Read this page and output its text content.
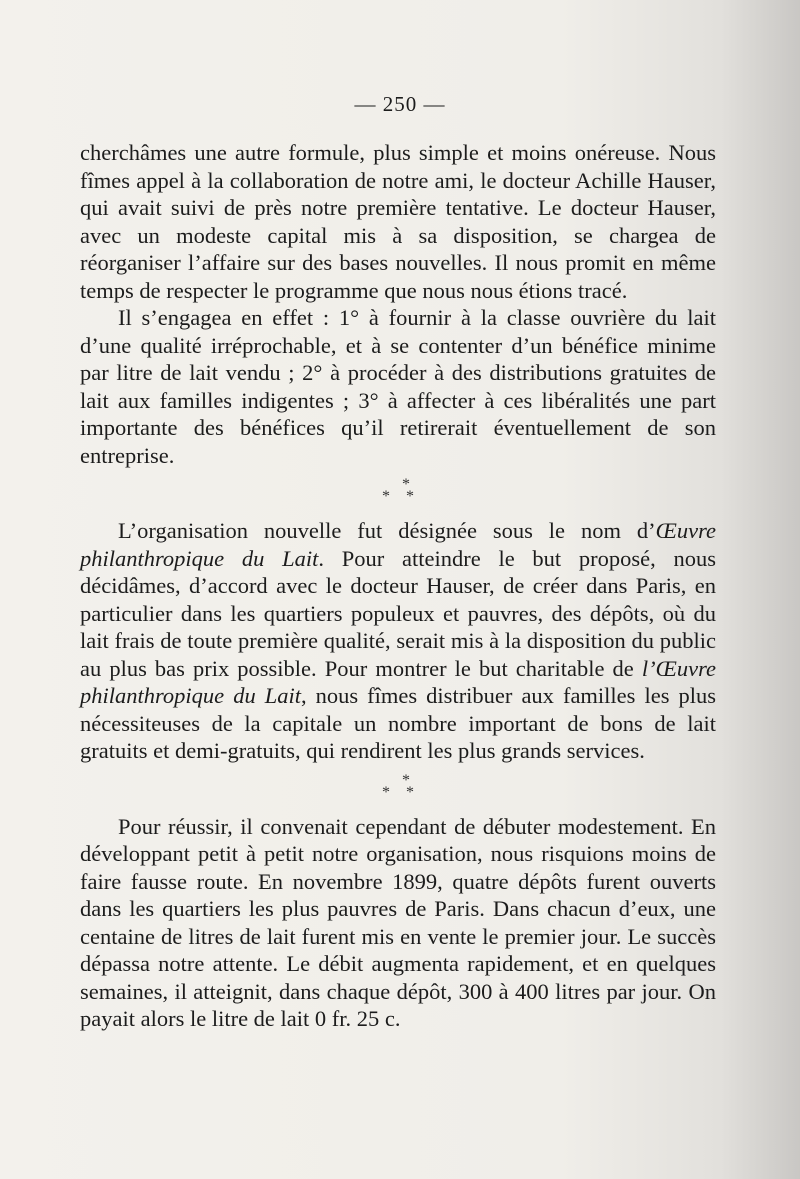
— 250 —

cherchâmes une autre formule, plus simple et moins onéreuse. Nous fîmes appel à la collaboration de notre ami, le docteur Achille Hauser, qui avait suivi de près notre première tentative. Le docteur Hauser, avec un modeste capital mis à sa disposition, se chargea de réorganiser l’affaire sur des bases nouvelles. Il nous promit en même temps de respecter le programme que nous nous étions tracé.

Il s’engagea en effet : 1° à fournir à la classe ouvrière du lait d’une qualité irréprochable, et à se contenter d’un bénéfice minime par litre de lait vendu ; 2° à procéder à des distributions gratuites de lait aux familles indigentes ; 3° à affecter à ces libéralités une part importante des bénéfices qu’il retirerait éventuellement de son entreprise.

*
* *

L’organisation nouvelle fut désignée sous le nom d’Œuvre philanthropique du Lait. Pour atteindre le but proposé, nous décidâmes, d’accord avec le docteur Hauser, de créer dans Paris, en particulier dans les quartiers populeux et pauvres, des dépôts, où du lait frais de toute première qualité, serait mis à la disposition du public au plus bas prix possible. Pour montrer le but charitable de l’Œuvre philanthropique du Lait, nous fîmes distribuer aux familles les plus nécessiteuses de la capitale un nombre important de bons de lait gratuits et demi-gratuits, qui rendirent les plus grands services.

*
* *

Pour réussir, il convenait cependant de débuter modestement. En développant petit à petit notre organisation, nous risquions moins de faire fausse route. En novembre 1899, quatre dépôts furent ouverts dans les quartiers les plus pauvres de Paris. Dans chacun d’eux, une centaine de litres de lait furent mis en vente le premier jour. Le succès dépassa notre attente. Le débit augmenta rapidement, et en quelques semaines, il atteignit, dans chaque dépôt, 300 à 400 litres par jour. On payait alors le litre de lait 0 fr. 25 c.
